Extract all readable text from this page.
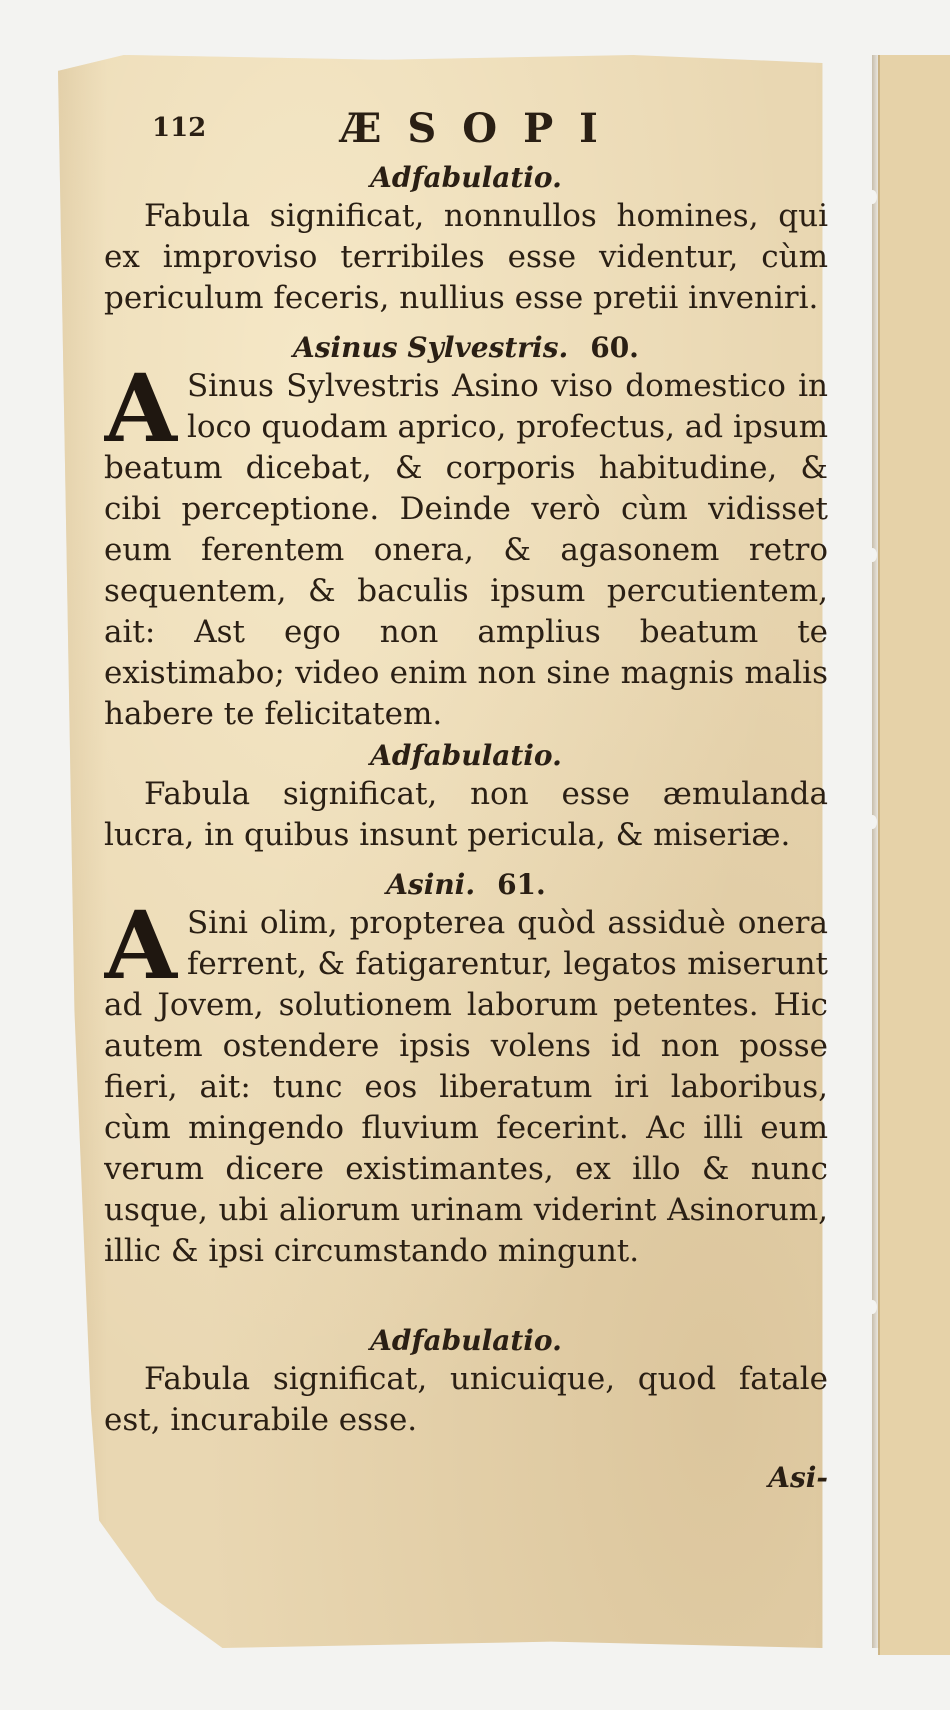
112	ÆSOPI

Adfabulatio.

Fabula significat, nonnullos homines, qui ex improviso terribiles esse videntur, cùm periculum feceris, nullius esse pretii inveniri.

Asinus Sylvestris. 60.

A Sinus Sylvestris Asino viso domestico in loco quodam aprico, profectus, ad ipsum beatum dicebat, & corporis habitudine, & cibi perceptione. Deinde verò cùm vidisset eum ferentem onera, & agasonem retro sequentem, & baculis ipsum percutientem, ait: Ast ego non amplius beatum te existimabo; video enim non sine magnis malis habere te felicitatem.

Adfabulatio.

Fabula significat, non esse æmulanda lucra, in quibus insunt pericula, & miseriæ.

Asini. 61.

A Sini olim, propterea quòd assiduè onera ferrent, & fatigarentur, legatos miserunt ad Jovem, solutionem laborum petentes. Hic autem ostendere ipsis volens id non posse fieri, ait: tunc eos liberatum iri laboribus, cùm mingendo fluvium fecerint. Ac illi eum verum dicere existimantes, ex illo & nunc usque, ubi aliorum urinam viderint Asinorum, illic & ipsi circumstando mingunt.

Adfabulatio.

Fabula significat, unicuique, quod fatale est, incurabile esse.

Asi-
